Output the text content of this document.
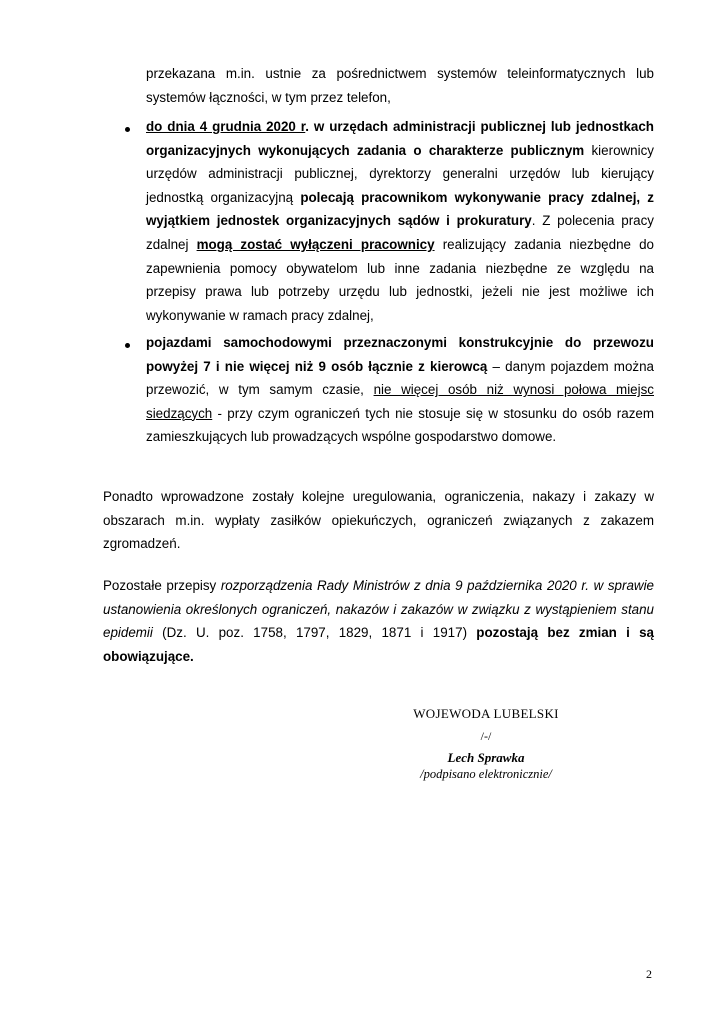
przekazana m.in. ustnie za pośrednictwem systemów teleinformatycznych lub systemów łączności, w tym przez telefon,
do dnia 4 grudnia 2020 r. w urzędach administracji publicznej lub jednostkach organizacyjnych wykonujących zadania o charakterze publicznym kierownicy urzędów administracji publicznej, dyrektorzy generalni urzędów lub kierujący jednostką organizacyjną polecają pracownikom wykonywanie pracy zdalnej, z wyjątkiem jednostek organizacyjnych sądów i prokuratury. Z polecenia pracy zdalnej mogą zostać wyłączeni pracownicy realizujący zadania niezbędne do zapewnienia pomocy obywatelom lub inne zadania niezbędne ze względu na przepisy prawa lub potrzeby urzędu lub jednostki, jeżeli nie jest możliwe ich wykonywanie w ramach pracy zdalnej,
pojazdami samochodowymi przeznaczonymi konstrukcyjnie do przewozu powyżej 7 i nie więcej niż 9 osób łącznie z kierowcą – danym pojazdem można przewozić, w tym samym czasie, nie więcej osób niż wynosi połowa miejsc siedzących - przy czym ograniczeń tych nie stosuje się w stosunku do osób razem zamieszkujących lub prowadzących wspólne gospodarstwo domowe.
Ponadto wprowadzone zostały kolejne uregulowania, ograniczenia, nakazy i zakazy w obszarach m.in. wypłaty zasiłków opiekuńczych, ograniczeń związanych z zakazem zgromadzeń.
Pozostałe przepisy rozporządzenia Rady Ministrów z dnia 9 października 2020 r. w sprawie ustanowienia określonych ograniczeń, nakazów i zakazów w związku z wystąpieniem stanu epidemii (Dz. U. poz. 1758, 1797, 1829, 1871 i 1917) pozostają bez zmian i są obowiązujące.
WOJEWODA LUBELSKI
/-/
Lech Sprawka
/podpisano elektronicznie/
2
